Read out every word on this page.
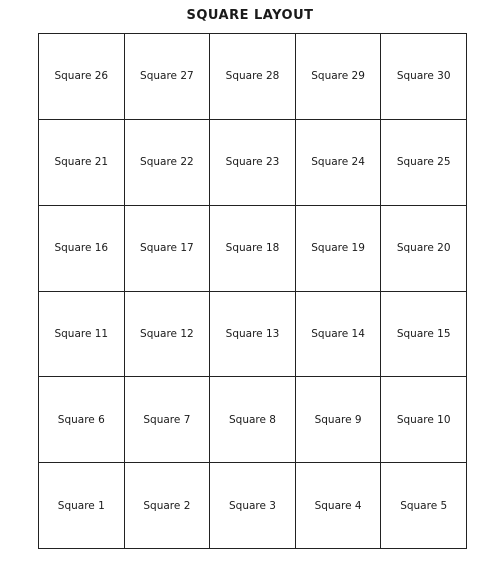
SQUARE LAYOUT
Square 26	Square 27	Square 28	Square 29	Square 30
Square 21	Square 22	Square 23	Square 24	Square 25
Square 16	Square 17	Square 18	Square 19	Square 20
Square 11	Square 12	Square 13	Square 14	Square 15
Square 6	Square 7	Square 8	Square 9	Square 10
Square 1	Square 2	Square 3	Square 4	Square 5
